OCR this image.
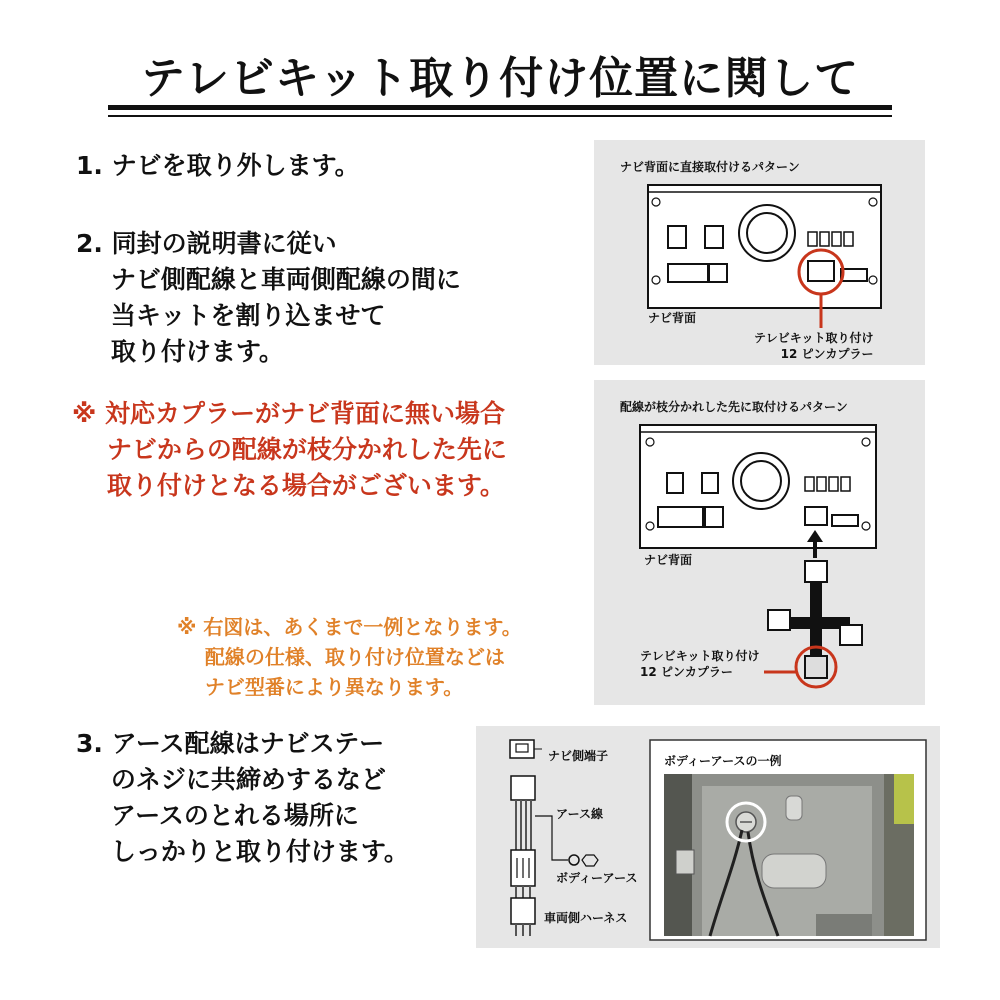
テレビキット取り付け位置に関して
1. ナビを取り外します。
2. 同封の説明書に従い
ナビ側配線と車両側配線の間に
当キットを割り込ませて
取り付けます。
※ 対応カプラーがナビ背面に無い場合
ナビからの配線が枝分かれした先に
取り付けとなる場合がございます。
※ 右図は、あくまで一例となります。
配線の仕様、取り付け位置などは
ナビ型番により異なります。
3. アース配線はナビステー
のネジに共締めするなど
アースのとれる場所に
しっかりと取り付けます。
ナビ背面に直接取付けるパターン
ナビ背面
テレビキット取り付け
12 ピンカプラー
配線が枝分かれした先に取付けるパターン
ナビ背面
テレビキット取り付け
12 ピンカプラー
ナビ側端子
アース線
ボディーアース
車両側ハーネス
ボディーアースの一例
